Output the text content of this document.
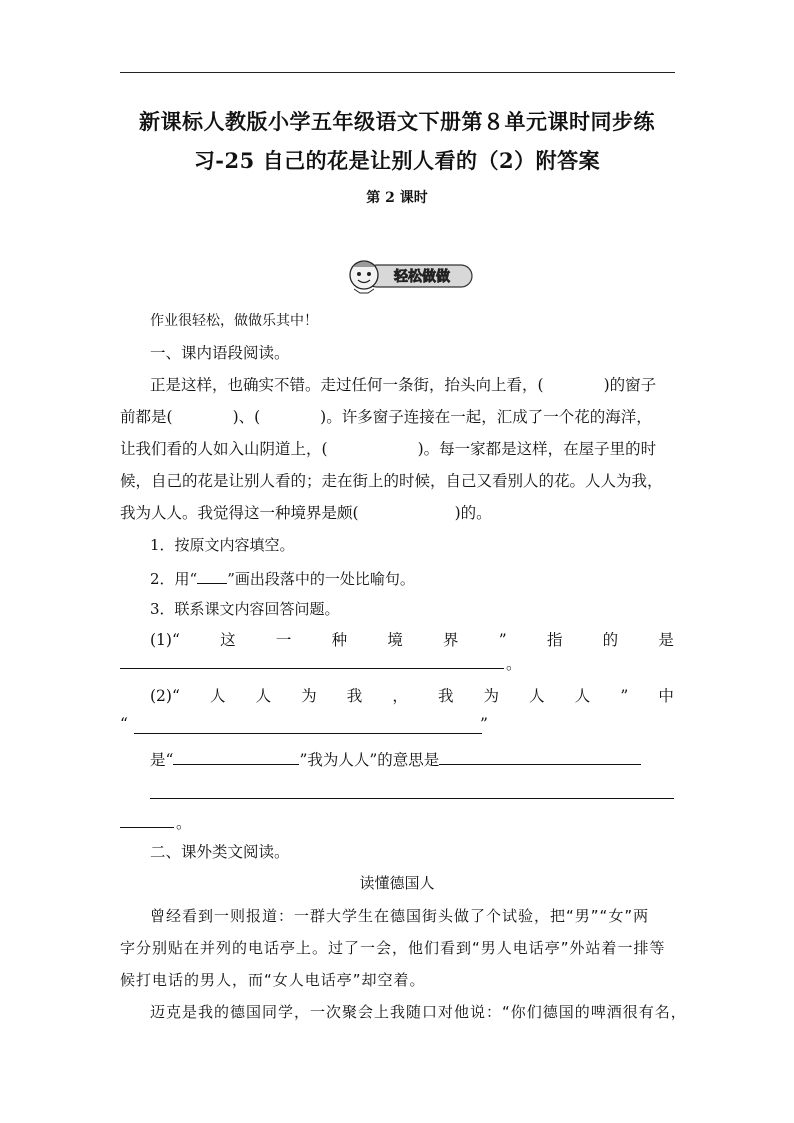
新课标人教版小学五年级语文下册第８单元课时同步练
习-25 自己的花是让别人看的（2）附答案
第 2 课时
轻松做做
作业很轻松，做做乐其中！
一、课内语段阅读。
正是这样，也确实不错。走过任何一条街，抬头向上看，(	)的窗子
前都是(	)、(	)。许多窗子连接在一起，汇成了一个花的海洋，
让我们看的人如入山阴道上，(	)。每一家都是这样，在屋子里的时
候，自己的花是让别人看的；走在街上的时候，自己又看别人的花。人人为我，
我为人人。我觉得这一种境界是颇(	)的。
1．按原文内容填空。
2．用“ ”画出段落中的一处比喻句。
3．联系课文内容回答问题。
(1)“	这	一	种	境	界	”	指	的	是
。
(2)“ 人 人 为 我 ， 我 为 人 人 ” 中
“	”
是“	”我为人人”的意思是
。
二、课外类文阅读。
读懂德国人
曾经看到一则报道：一群大学生在德国街头做了个试验，把“男”“女”两
字分别贴在并列的电话亭上。过了一会，他们看到“男人电话亭”外站着一排等
候打电话的男人，而“女人电话亭”却空着。
迈克是我的德国同学，一次聚会上我随口对他说：“你们德国的啤酒很有名，
